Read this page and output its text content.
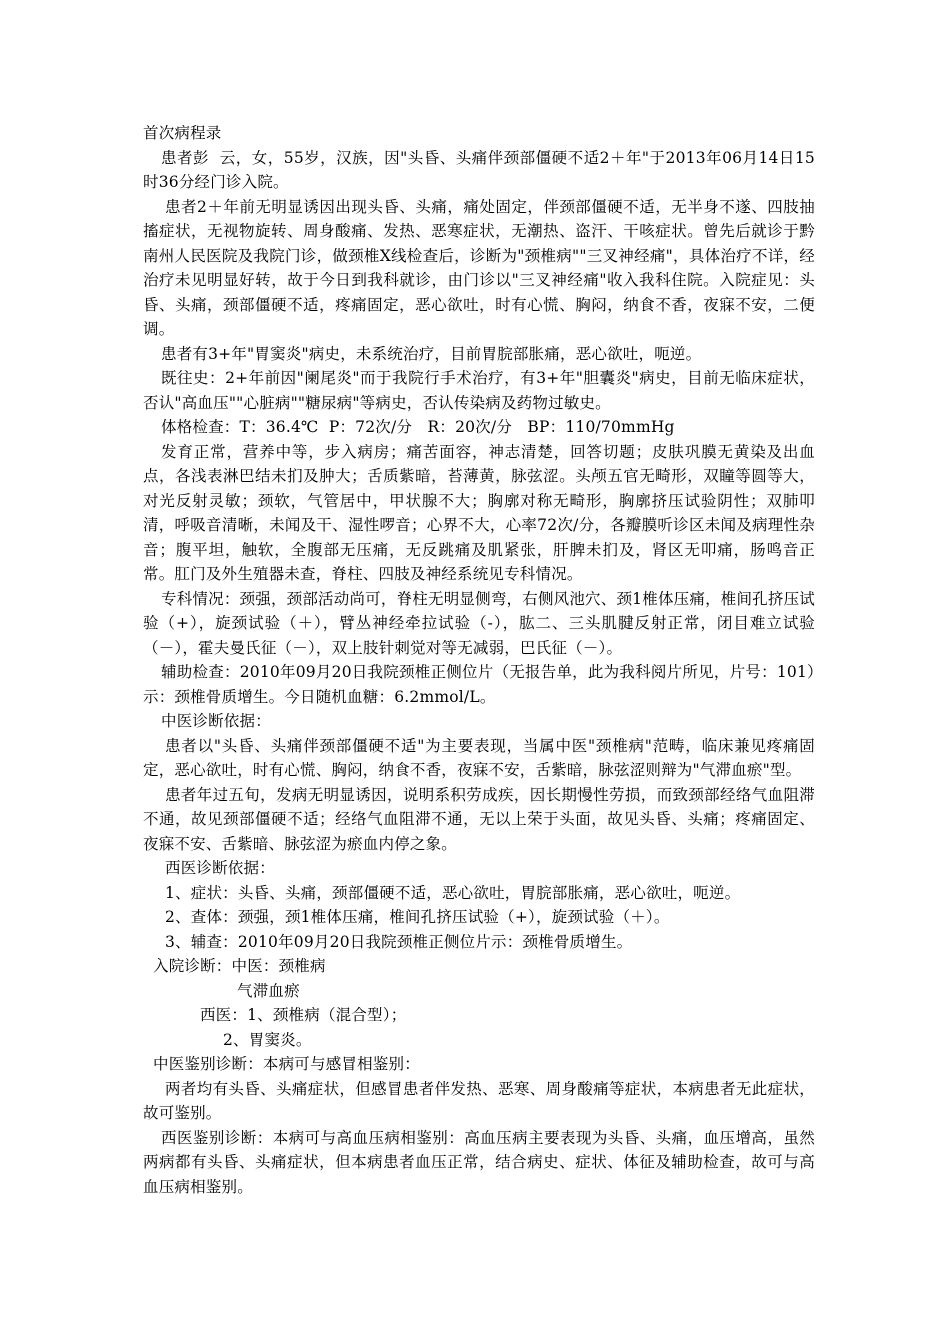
首次病程录
患者彭  云，女，55岁，汉族，因"头昏、头痛伴颈部僵硬不适2＋年"于2013年06月14日15时36分经门诊入院。
患者2＋年前无明显诱因出现头昏、头痛，痛处固定，伴颈部僵硬不适，无半身不遂、四肢抽搐症状，无视物旋转、周身酸痛、发热、恶寒症状，无潮热、盗汗、干咳症状。曾先后就诊于黔南州人民医院及我院门诊，做颈椎X线检查后，诊断为"颈椎病""三叉神经痛"，具体治疗不详，经治疗未见明显好转，故于今日到我科就诊，由门诊以"三叉神经痛"收入我科住院。入院症见：头昏、头痛，颈部僵硬不适，疼痛固定，恶心欲吐，时有心慌、胸闷，纳食不香，夜寐不安，二便调。
患者有3+年"胃窦炎"病史，未系统治疗，目前胃脘部胀痛，恶心欲吐，呃逆。
既往史：2+年前因"阑尾炎"而于我院行手术治疗，有3+年"胆囊炎"病史，目前无临床症状，否认"高血压""心脏病""糖尿病"等病史，否认传染病及药物过敏史。
体格检查：T：36.4℃  P：72次/分   R：20次/分   BP：110/70mmHg
发育正常，营养中等，步入病房；痛苦面容，神志清楚，回答切题；皮肤巩膜无黄染及出血点，各浅表淋巴结未扪及肿大；舌质紫暗，苔薄黄，脉弦涩。头颅五官无畸形，双瞳等圆等大，对光反射灵敏；颈软，气管居中，甲状腺不大；胸廓对称无畸形，胸廓挤压试验阴性；双肺叩清，呼吸音清晰，未闻及干、湿性啰音；心界不大，心率72次/分，各瓣膜听诊区未闻及病理性杂音；腹平坦，触软，全腹部无压痛，无反跳痛及肌紧张，肝脾未扪及，肾区无叩痛，肠鸣音正常。肛门及外生殖器未查，脊柱、四肢及神经系统见专科情况。
专科情况：颈强，颈部活动尚可，脊柱无明显侧弯，右侧风池穴、颈1椎体压痛，椎间孔挤压试验（+），旋颈试验（＋），臂丛神经牵拉试验（-），肱二、三头肌腱反射正常，闭目难立试验（－），霍夫曼氏征（－），双上肢针刺觉对等无减弱，巴氏征（－）。
辅助检查：2010年09月20日我院颈椎正侧位片（无报告单，此为我科阅片所见，片号：101）示：颈椎骨质增生。今日随机血糖：6.2mmol/L。
中医诊断依据：
患者以"头昏、头痛伴颈部僵硬不适"为主要表现，当属中医"颈椎病"范畴，临床兼见疼痛固定，恶心欲吐，时有心慌、胸闷，纳食不香，夜寐不安，舌紫暗，脉弦涩则辩为"气滞血瘀"型。
患者年过五旬，发病无明显诱因，说明系积劳成疾，因长期慢性劳损，而致颈部经络气血阻滞不通，故见颈部僵硬不适；经络气血阻滞不通，无以上荣于头面，故见头昏、头痛；疼痛固定、夜寐不安、舌紫暗、脉弦涩为瘀血内停之象。
西医诊断依据：
1、症状：头昏、头痛，颈部僵硬不适，恶心欲吐，胃脘部胀痛，恶心欲吐，呃逆。
2、查体：颈强，颈1椎体压痛，椎间孔挤压试验（+），旋颈试验（＋）。
3、辅查：2010年09月20日我院颈椎正侧位片示：颈椎骨质增生。
入院诊断：中医：颈椎病
气滞血瘀
西医：1、颈椎病（混合型）；
2、胃窦炎。
中医鉴别诊断：本病可与感冒相鉴别：
两者均有头昏、头痛症状，但感冒患者伴发热、恶寒、周身酸痛等症状，本病患者无此症状，故可鉴别。
西医鉴别诊断：本病可与高血压病相鉴别：高血压病主要表现为头昏、头痛，血压增高，虽然两病都有头昏、头痛症状，但本病患者血压正常，结合病史、症状、体征及辅助检查，故可与高血压病相鉴别。
